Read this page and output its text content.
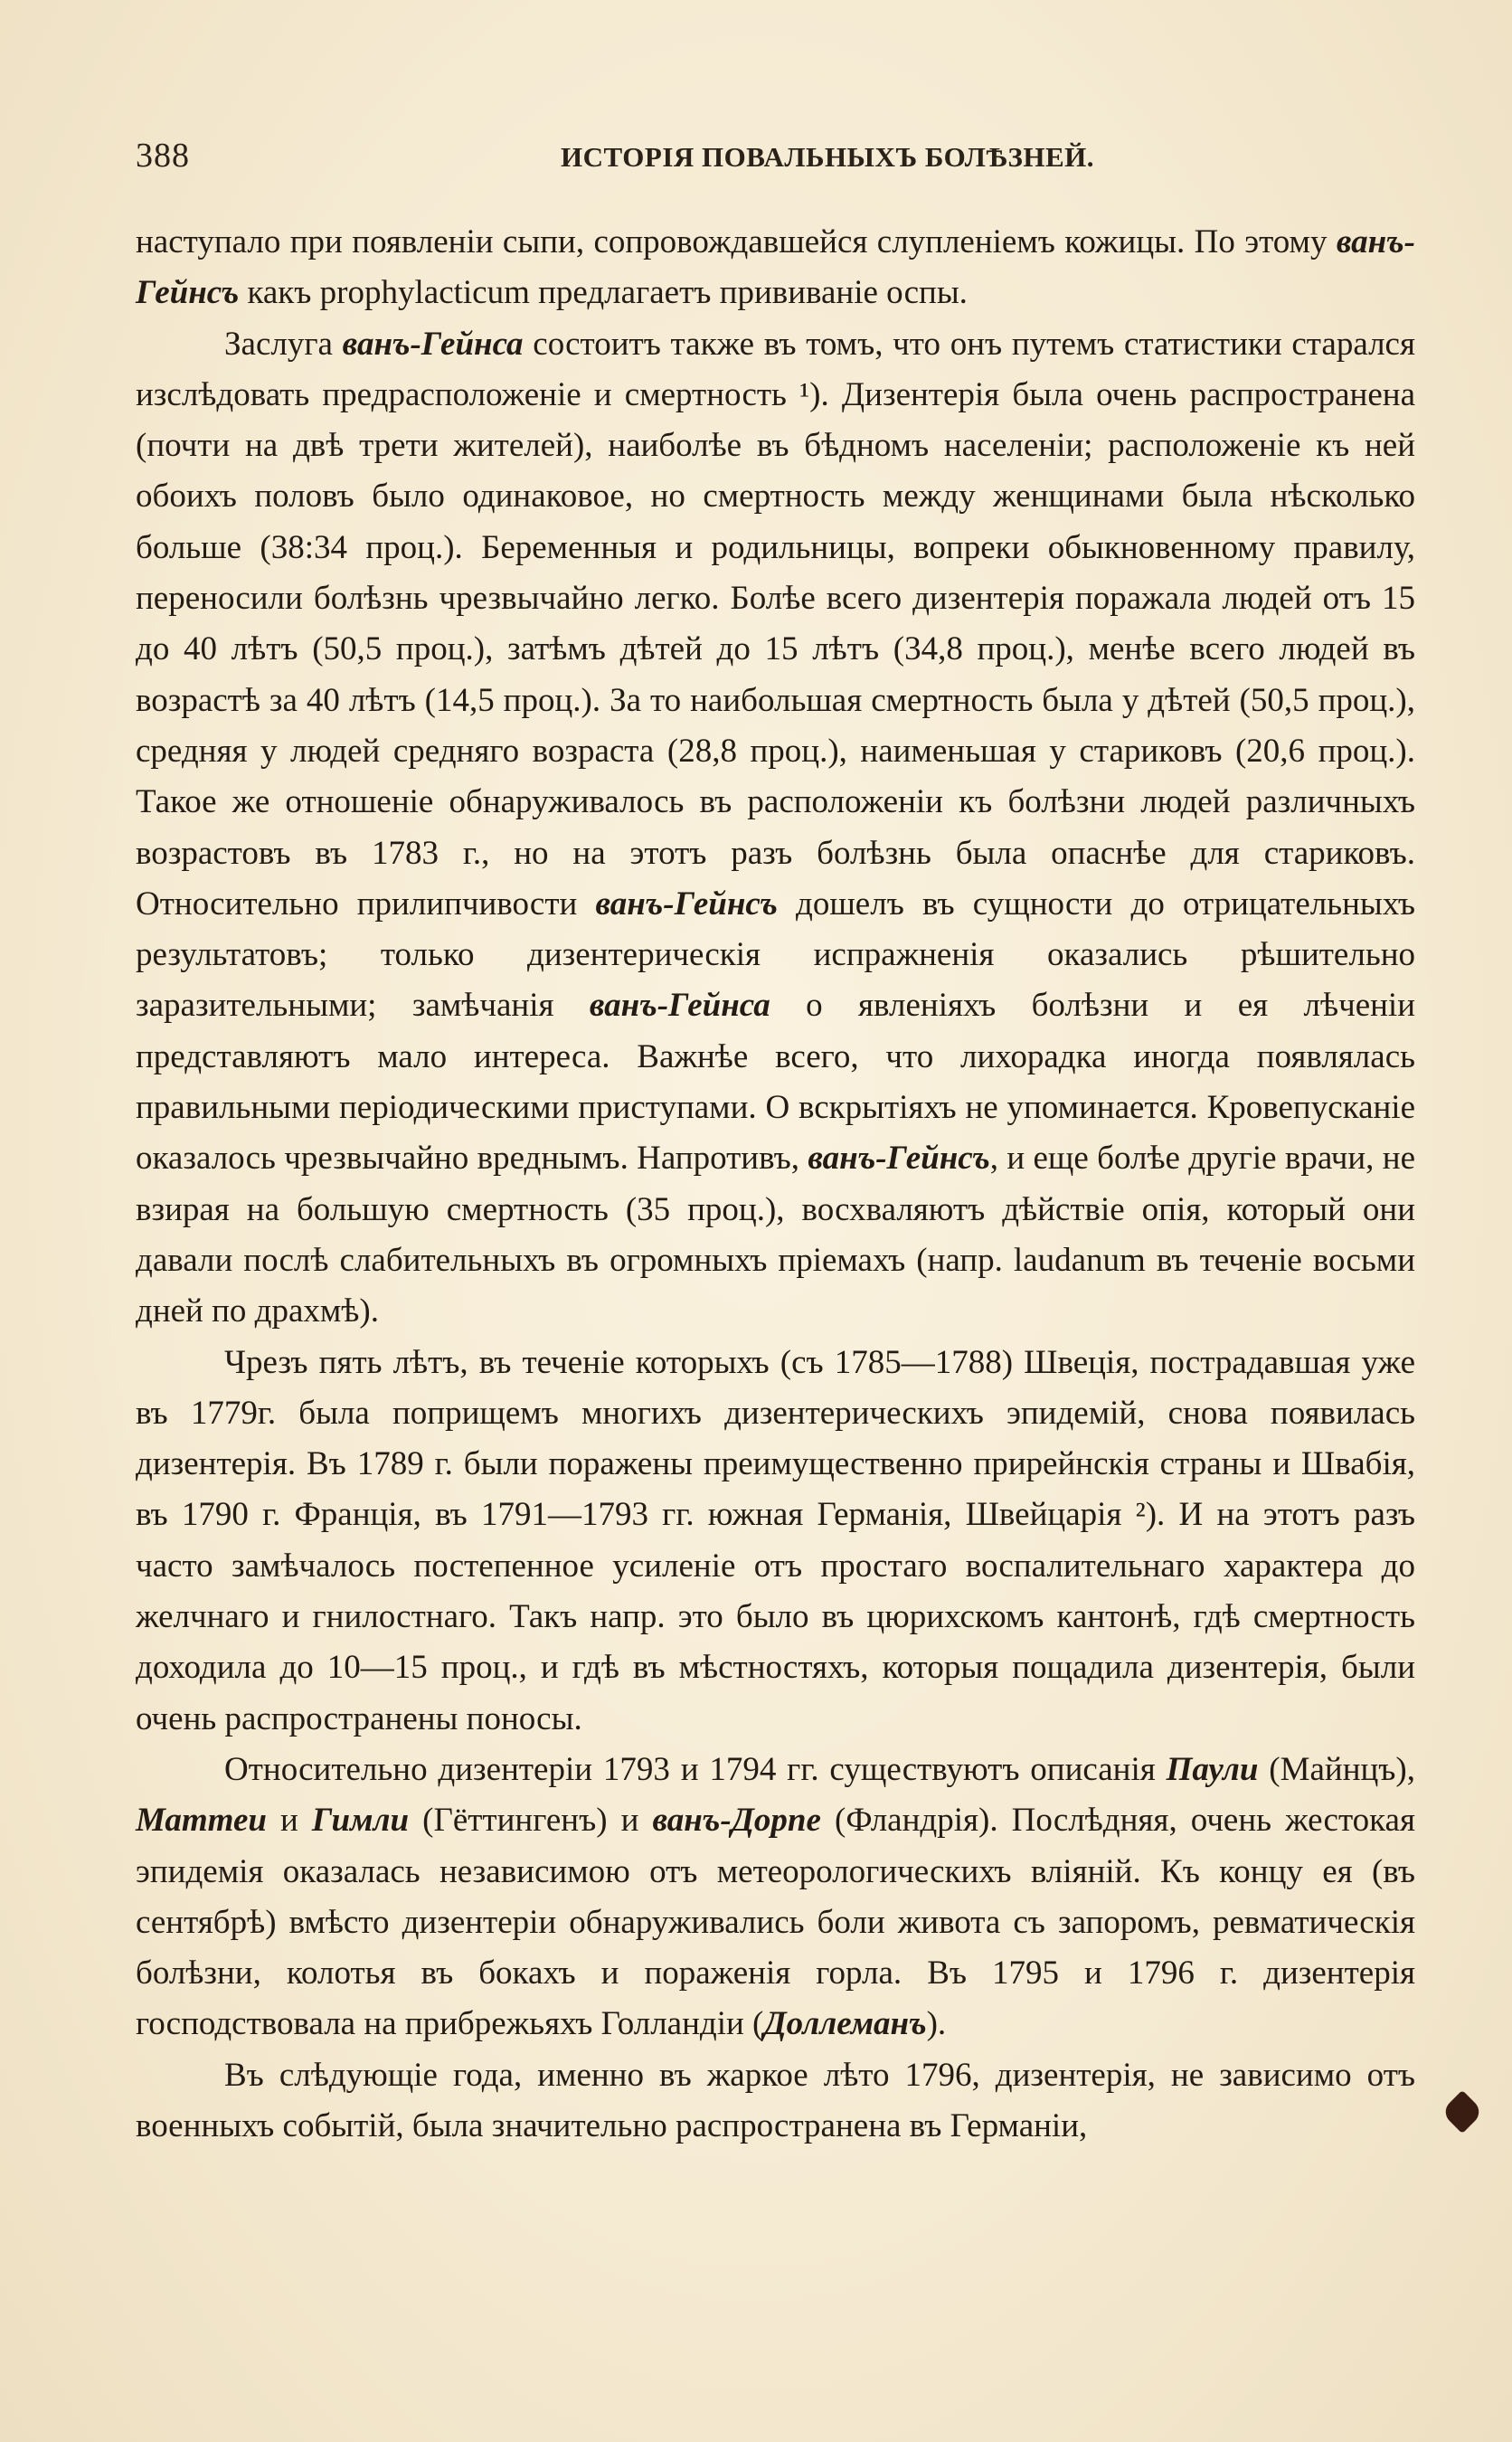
388	ИСТОРІЯ ПОВАЛЬНЫХЪ БОЛѢЗНЕЙ.

наступало при появленіи сыпи, сопровождавшейся слупленіемъ кожицы. По этому ванъ-Гейнсъ какъ prophylacticum предлагаетъ прививаніе оспы.

Заслуга ванъ-Гейнса состоитъ также въ томъ, что онъ путемъ статистики старался изслѣдовать предрасположеніе и смертность ¹). Дизентерія была очень распространена (почти на двѣ трети жителей), наиболѣе въ бѣдномъ населеніи; расположеніе къ ней обоихъ половъ было одинаковое, но смертность между женщинами была нѣсколько больше (38:34 проц.). Беременныя и родильницы, вопреки обыкновенному правилу, переносили болѣзнь чрезвычайно легко. Болѣе всего дизентерія поражала людей отъ 15 до 40 лѣтъ (50,5 проц.), затѣмъ дѣтей до 15 лѣтъ (34,8 проц.), менѣе всего людей въ возрастѣ за 40 лѣтъ (14,5 проц.). За то наибольшая смертность была у дѣтей (50,5 проц.), средняя у людей средняго возраста (28,8 проц.), наименьшая у стариковъ (20,6 проц.). Такое же отношеніе обнаруживалось въ расположеніи къ болѣзни людей различныхъ возрастовъ въ 1783 г., но на этотъ разъ болѣзнь была опаснѣе для стариковъ. Относительно прилипчивости ванъ-Гейнсъ дошелъ въ сущности до отрицательныхъ результатовъ; только дизентерическія испражненія оказались рѣшительно заразительными; замѣчанія ванъ-Гейнса о явленіяхъ болѣзни и ея лѣченіи представляютъ мало интереса. Важнѣе всего, что лихорадка иногда появлялась правильными періодическими приступами. О вскрытіяхъ не упоминается. Кровепусканіе оказалось чрезвычайно вреднымъ. Напротивъ, ванъ-Гейнсъ, и еще болѣе другіе врачи, не взирая на большую смертность (35 проц.), восхваляютъ дѣйствіе опія, который они давали послѣ слабительныхъ въ огромныхъ пріемахъ (напр. laudanum въ теченіе восьми дней по драхмѣ).

Чрезъ пять лѣтъ, въ теченіе которыхъ (съ 1785—1788) Швеція, пострадавшая уже въ 1779г. была поприщемъ многихъ дизентерическихъ эпидемій, снова появилась дизентерія. Въ 1789 г. были поражены преимущественно прирейнскія страны и Швабія, въ 1790 г. Франція, въ 1791—1793 гг. южная Германія, Швейцарія ²). И на этотъ разъ часто замѣчалось постепенное усиленіе отъ простаго воспалительнаго характера до желчнаго и гнилостнаго. Такъ напр. это было въ цюрихскомъ кантонѣ, гдѣ смертность доходила до 10—15 проц., и гдѣ въ мѣстностяхъ, которыя пощадила дизентерія, были очень распространены поносы.

Относительно дизентеріи 1793 и 1794 гг. существуютъ описанія Паули (Майнцъ), Маттеи и Гимли (Гёттингенъ) и ванъ-Дорпе (Фландрія). Послѣдняя, очень жестокая эпидемія оказалась независимою отъ метеорологическихъ вліяній. Къ концу ея (въ сентябрѣ) вмѣсто дизентеріи обнаруживались боли живота съ запоромъ, ревматическія болѣзни, колотья въ бокахъ и пораженія горла. Въ 1795 и 1796 г. дизентерія господствовала на прибрежьяхъ Голландіи (Доллеманъ).

Въ слѣдующіе года, именно въ жаркое лѣто 1796, дизентерія, не зависимо отъ военныхъ событій, была значительно распространена въ Германіи,
